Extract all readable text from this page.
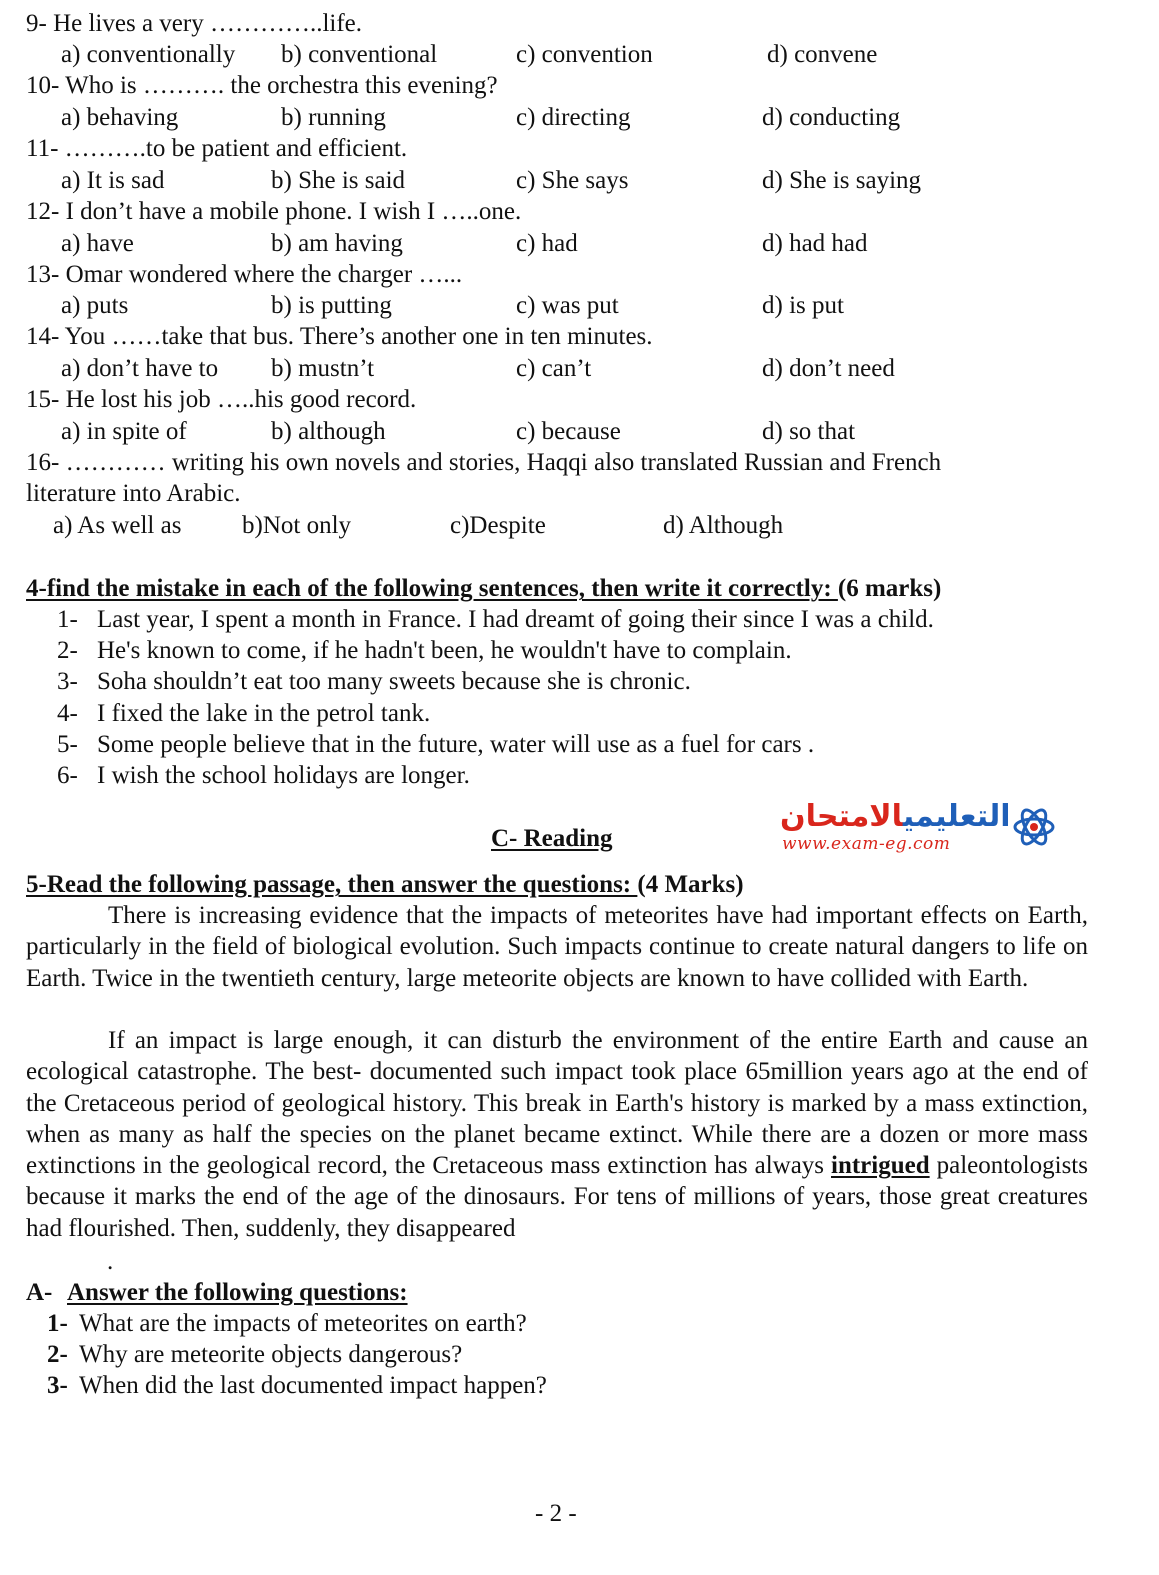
9- He lives a very …………..life.
a) conventionally b) conventional	c) convention	d) convene
10- Who is ………. the orchestra this evening?
a) behaving	b) running	c) directing	d) conducting
11- ……….to be patient and efficient.
a) It is sad	b) She is said	c) She says	d) She is saying
12- I don’t have a mobile phone. I wish I …..one.
a) have	b) am having	c) had	d) had had
13- Omar wondered where the charger …...
a) puts	b) is putting	c) was put	d) is put
14- You ……take that bus. There’s another one in ten minutes.
a) don’t have to b) mustn’t	c) can’t	d) don’t need
15- He lost his job …..his good record.
a) in spite of	b) although	c) because	d) so that
16- ………… writing his own novels and stories, Haqqi also translated Russian and French
literature into Arabic.
a) As well as b)Not only	c)Despite	d) Although
4-find the mistake in each of the following sentences, then write it correctly: (6 marks)
1- Last year, I spent a month in France. I had dreamt of going their since I was a child.
2- He's known to come, if he hadn't been, he wouldn't have to complain.
3- Soha shouldn’t eat too many sweets because she is chronic.
4- I fixed the lake in the petrol tank.
5- Some people believe that in the future, water will use as a fuel for cars .
6- I wish the school holidays are longer.
C- Reading
التعليميالامتحان
www.exam-eg.com
5-Read the following passage, then answer the questions: (4 Marks)
There is increasing evidence that the impacts of meteorites have had important effects on Earth, particularly in the field of biological evolution. Such impacts continue to create natural dangers to life on Earth. Twice in the twentieth century, large meteorite objects are known to have collided with Earth.
If an impact is large enough, it can disturb the environment of the entire Earth and cause an ecological catastrophe. The best- documented such impact took place 65million years ago at the end of the Cretaceous period of geological history. This break in Earth's history is marked by a mass extinction, when as many as half the species on the planet became extinct. While there are a dozen or more mass extinctions in the geological record, the Cretaceous mass extinction has always intrigued paleontologists because it marks the end of the age of the dinosaurs. For tens of millions of years, those great creatures had flourished. Then, suddenly, they disappeared
.
A- Answer the following questions:
1- What are the impacts of meteorites on earth?
2- Why are meteorite objects dangerous?
3- When did the last documented impact happen?
- 2 -
